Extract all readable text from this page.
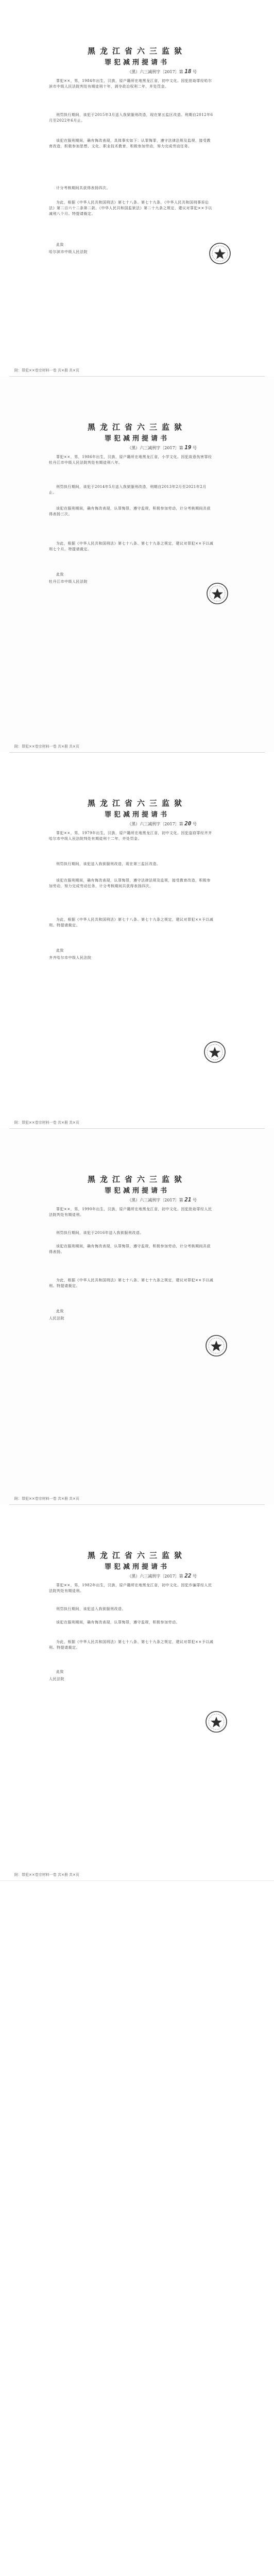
黑龙江省六三监狱
罪犯减刑提请书
（黑）六三减刑字〔2017〕第 18 号
罪犯××，男，1984年出生，汉族，原户籍所在地黑龙江省，初中文化。因犯抢劫罪经哈尔滨市中级人民法院判处有期徒刑十年，剥夺政治权利二年，并处罚金。
刑罚执行期间，该犯于2015年3月送入我狱服刑改造，现在第五监区改造。刑期自2012年6月至2022年6月止。
该犯在服刑期间，确有悔改表现，具体事实如下：认罪悔罪，遵守法律法规及监规，接受教育改造，积极参加思想、文化、职业技术教育，积极参加劳动，努力完成劳动任务。
计分考核期间共获得表扬四次。
为此，根据《中华人民共和国刑法》第七十八条、第七十九条，《中华人民共和国刑事诉讼法》第二百六十二条第二款、《中华人民共和国监狱法》第二十九条之规定，建议对罪犯××予以减刑八个月。特提请裁定。
此致
哈尔滨市中级人民法院
附：罪犯××卷宗材料一卷 共×册 共×页
黑龙江省六三监狱
罪犯减刑提请书
（黑）六三减刑字〔2017〕第 19 号
罪犯××，男，1986年出生，汉族，原户籍所在地黑龙江省，小学文化。因犯故意伤害罪经牡丹江市中级人民法院判处有期徒刑八年。
刑罚执行期间，该犯于2014年5月送入我狱服刑改造，刑期自2013年2月至2021年2月止。
该犯在服刑期间，确有悔改表现，认罪悔罪，遵守监规，积极参加劳动，计分考核期间共获得表扬三次。
为此，根据《中华人民共和国刑法》第七十八条、第七十九条之规定，建议对罪犯××予以减刑七个月。特提请裁定。
此致
牡丹江市中级人民法院
附：罪犯××卷宗材料一卷 共×册 共×页
黑龙江省六三监狱
罪犯减刑提请书
（黑）六三减刑字〔2017〕第 20 号
罪犯××，男，1979年出生，汉族，原户籍所在地黑龙江省，初中文化。因犯盗窃罪经齐齐哈尔市中级人民法院判处有期徒刑十二年，并处罚金。
刑罚执行期间，该犯送入我狱服刑改造，现在第三监区改造。
该犯在服刑期间，确有悔改表现，认罪悔罪，遵守法律法规及监规，接受教育改造，积极参加劳动，努力完成劳动任务，计分考核期间共获得表扬四次。
为此，根据《中华人民共和国刑法》第七十八条、第七十九条之规定，建议对罪犯××予以减刑。特提请裁定。
此致
齐齐哈尔市中级人民法院
附：罪犯××卷宗材料一卷 共×册 共×页
黑龙江省六三监狱
罪犯减刑提请书
（黑）六三减刑字〔2017〕第 21 号
罪犯××，男，1990年出生，汉族，原户籍所在地黑龙江省，初中文化。因犯抢劫罪经人民法院判处有期徒刑。
刑罚执行期间，该犯于2016年送入我狱服刑改造。
该犯在服刑期间，确有悔改表现，认罪悔罪，遵守监规，积极参加劳动，计分考核期间共获得表扬。
为此，根据《中华人民共和国刑法》第七十八条、第七十九条之规定，建议对罪犯××予以减刑。特提请裁定。
此致
人民法院
附：罪犯××卷宗材料一卷 共×册 共×页
黑龙江省六三监狱
罪犯减刑提请书
（黑）六三减刑字〔2017〕第 22 号
罪犯××，男，1982年出生，汉族，原户籍所在地黑龙江省，初中文化。因犯诈骗罪经人民法院判处有期徒刑。
刑罚执行期间，该犯送入我狱服刑改造。
该犯在服刑期间，确有悔改表现，认罪悔罪，遵守监规，积极参加劳动。
为此，根据《中华人民共和国刑法》第七十八条、第七十九条之规定，建议对罪犯××予以减刑。特提请裁定。
此致
人民法院
附：罪犯××卷宗材料一卷 共×册 共×页
